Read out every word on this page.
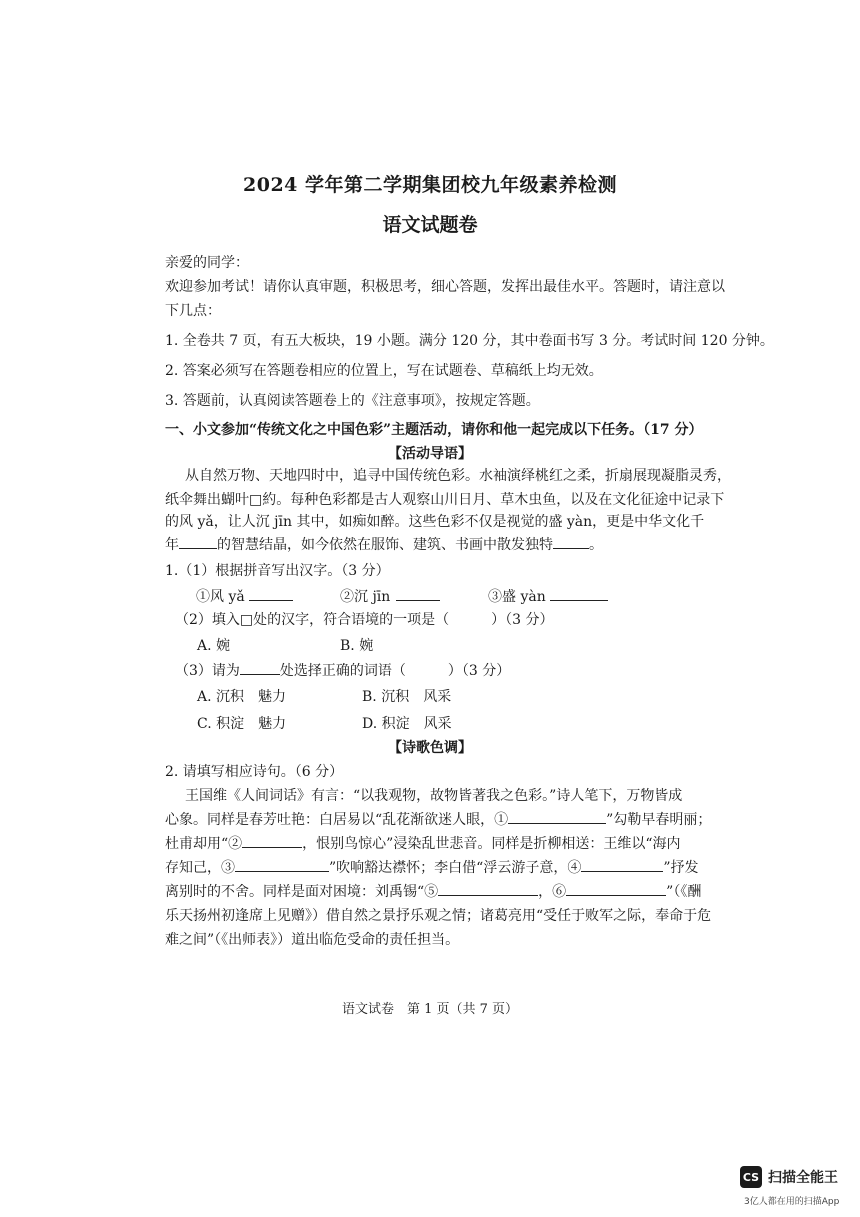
2024 学年第二学期集团校九年级素养检测
语文试题卷
亲爱的同学：
欢迎参加考试！请你认真审题，积极思考，细心答题，发挥出最佳水平。答题时，请注意以
下几点：
1. 全卷共 7 页，有五大板块，19 小题。满分 120 分，其中卷面书写 3 分。考试时间 120 分钟。
2. 答案必须写在答题卷相应的位置上，写在试题卷、草稿纸上均无效。
3. 答题前，认真阅读答题卷上的《注意事项》，按规定答题。
一、小文参加“传统文化之中国色彩”主题活动，请你和他一起完成以下任务。（17 分）
【活动导语】
从自然万物、天地四时中，追寻中国传统色彩。水袖演绎桃红之柔，折扇展现凝脂灵秀，
纸伞舞出蝴叶□約。每种色彩都是古人观察山川日月、草木虫鱼，以及在文化征途中记录下
的风 yǎ，让人沉 jīn 其中，如痴如醉。这些色彩不仅是视觉的盛 yàn，更是中华文化千
年	的智慧结晶，如今依然在服饰、建筑、书画中散发独特	。
1.（1）根据拼音写出汉字。（3 分）
①风 yǎ	②沉 jīn	③盛 yàn
（2）填入□处的汉字，符合语境的一项是（　　　）（3 分）
A. 婉	B. 婉
（3）请为	处选择正确的词语（　　　）（3 分）
A. 沉积　魅力	B. 沉积　风采
C. 积淀　魅力	D. 积淀　风采
【诗歌色调】
2. 请填写相应诗句。（6 分）
王国维《人间词话》有言：“以我观物，故物皆著我之色彩。”诗人笔下，万物皆成
心象。同样是春芳吐艳：白居易以“乱花渐欲迷人眼，①	”勾勒早春明丽；
杜甫却用“②	，恨别鸟惊心”浸染乱世悲音。同样是折柳相送：王维以“海内
存知己，③	”吹响豁达襟怀；李白借“浮云游子意，④	”抒发
离别时的不舍。同样是面对困境：刘禹锡“⑤	，⑥	”（《酬
乐天扬州初逢席上见赠》）借自然之景抒乐观之情；诸葛亮用“受任于败军之际，奉命于危
难之间”（《出师表》）道出临危受命的责任担当。
语文试卷　第 1 页（共 7 页）
CS 扫描全能王
3亿人都在用的扫描App
